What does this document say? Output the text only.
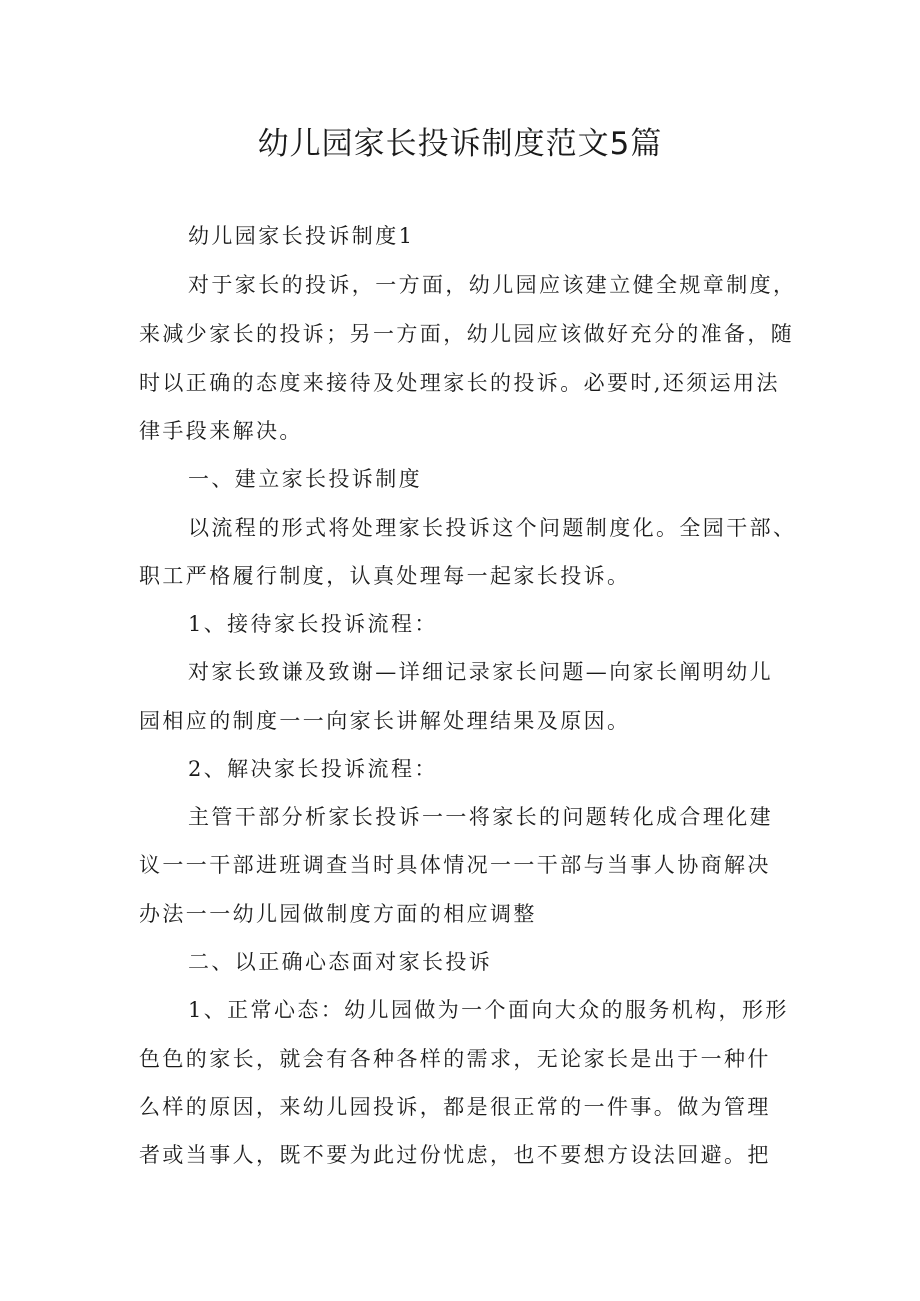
幼儿园家长投诉制度范文5篇
幼儿园家长投诉制度1
对于家长的投诉，一方面，幼儿园应该建立健全规章制度，
来减少家长的投诉；另一方面，幼儿园应该做好充分的准备，随
时以正确的态度来接待及处理家长的投诉。必要时,还须运用法
律手段来解决。
一、建立家长投诉制度
以流程的形式将处理家长投诉这个问题制度化。全园干部、
职工严格履行制度，认真处理每一起家长投诉。
1、接待家长投诉流程：
对家长致谦及致谢—详细记录家长问题—向家长阐明幼儿
园相应的制度一一向家长讲解处理结果及原因。
2、解决家长投诉流程：
主管干部分析家长投诉一一将家长的问题转化成合理化建
议一一干部进班调查当时具体情况一一干部与当事人协商解决
办法一一幼儿园做制度方面的相应调整
二、以正确心态面对家长投诉
1、正常心态：幼儿园做为一个面向大众的服务机构，形形
色色的家长，就会有各种各样的需求，无论家长是出于一种什
么样的原因，来幼儿园投诉，都是很正常的一件事。做为管理
者或当事人，既不要为此过份忧虑，也不要想方设法回避。把
